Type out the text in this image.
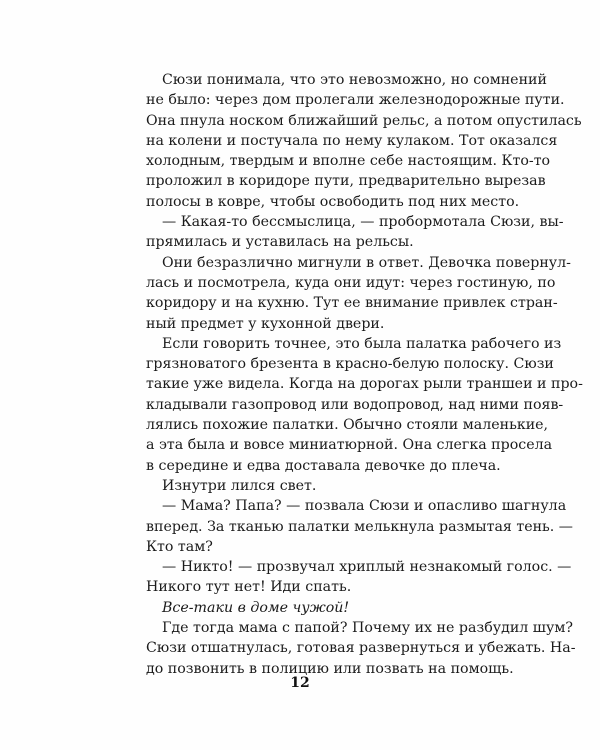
Сюзи понимала, что это невозможно, но сомнений
не было: через дом пролегали железнодорожные пути.
Она пнула носком ближайший рельс, а потом опустилась
на колени и постучала по нему кулаком. Тот оказался
холодным, твердым и вполне себе настоящим. Кто-то
проложил в коридоре пути, предварительно вырезав
полосы в ковре, чтобы освободить под них место.

— Какая-то бессмыслица, — пробормотала Сюзи, вы-
прямилась и уставилась на рельсы.

Они безразлично мигнули в ответ. Девочка повернул-
лась и посмотрела, куда они идут: через гостиную, по
коридору и на кухню. Тут ее внимание привлек стран-
ный предмет у кухонной двери.

Если говорить точнее, это была палатка рабочего из
грязноватого брезента в красно-белую полоску. Сюзи
такие уже видела. Когда на дорогах рыли траншеи и про-
кладывали газопровод или водопровод, над ними появ-
лялись похожие палатки. Обычно стояли маленькие,
а эта была и вовсе миниатюрной. Она слегка просела
в середине и едва доставала девочке до плеча.

Изнутри лился свет.

— Мама? Папа? — позвала Сюзи и опасливо шагнула
вперед. За тканью палатки мелькнула размытая тень. —
Кто там?

— Никто! — прозвучал хриплый незнакомый голос. —
Никого тут нет! Иди спать.

Все-таки в доме чужой!

Где тогда мама с папой? Почему их не разбудил шум?
Сюзи отшатнулась, готовая развернуться и убежать. На-
до позвонить в полицию или позвать на помощь.

12
